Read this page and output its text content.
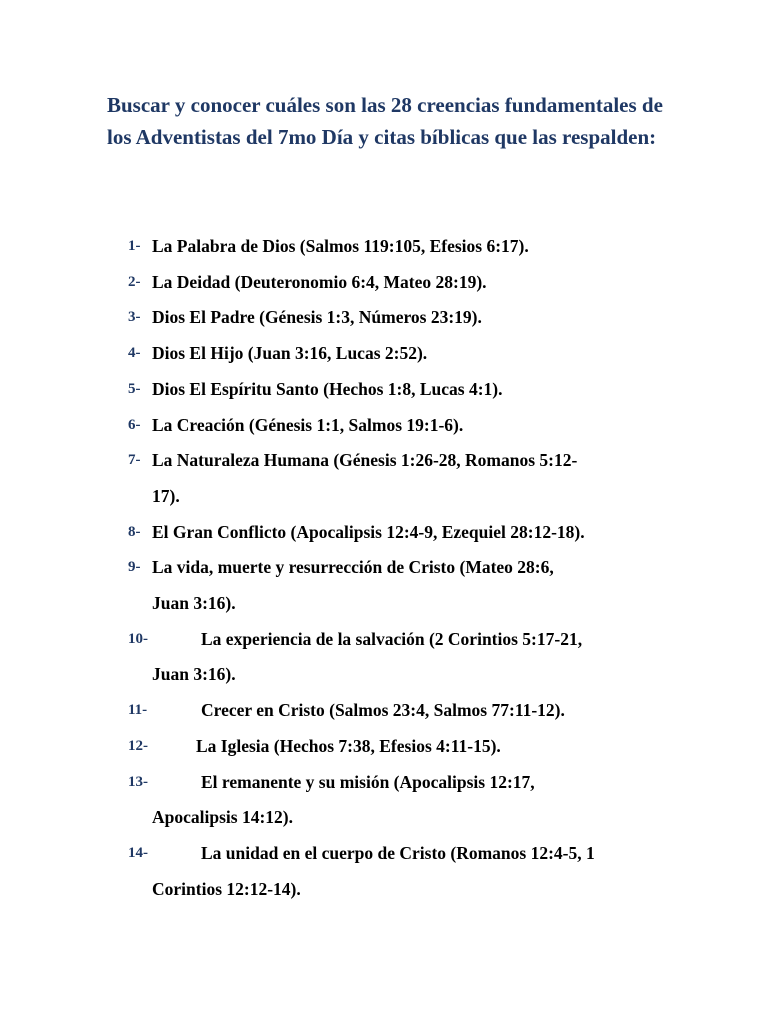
Buscar y conocer cuáles son las 28 creencias fundamentales de los Adventistas del 7mo Día y citas bíblicas que las respalden:

1- La Palabra de Dios (Salmos 119:105, Efesios 6:17).
2- La Deidad (Deuteronomio 6:4, Mateo 28:19).
3- Dios El Padre (Génesis 1:3, Números 23:19).
4- Dios El Hijo (Juan 3:16, Lucas 2:52).
5- Dios El Espíritu Santo (Hechos 1:8, Lucas 4:1).
6- La Creación (Génesis 1:1, Salmos 19:1-6).
7- La Naturaleza Humana (Génesis 1:26-28, Romanos 5:12-
17).
8- El Gran Conflicto (Apocalipsis 12:4-9, Ezequiel 28:12-18).
9- La vida, muerte y resurrección de Cristo (Mateo 28:6,
Juan 3:16).
10-	La experiencia de la salvación (2 Corintios 5:17-21,
Juan 3:16).
11-	Crecer en Cristo (Salmos 23:4, Salmos 77:11-12).
12-	La Iglesia (Hechos 7:38, Efesios 4:11-15).
13-	El remanente y su misión (Apocalipsis 12:17,
Apocalipsis 14:12).
14-	La unidad en el cuerpo de Cristo (Romanos 12:4-5, 1
Corintios 12:12-14).
